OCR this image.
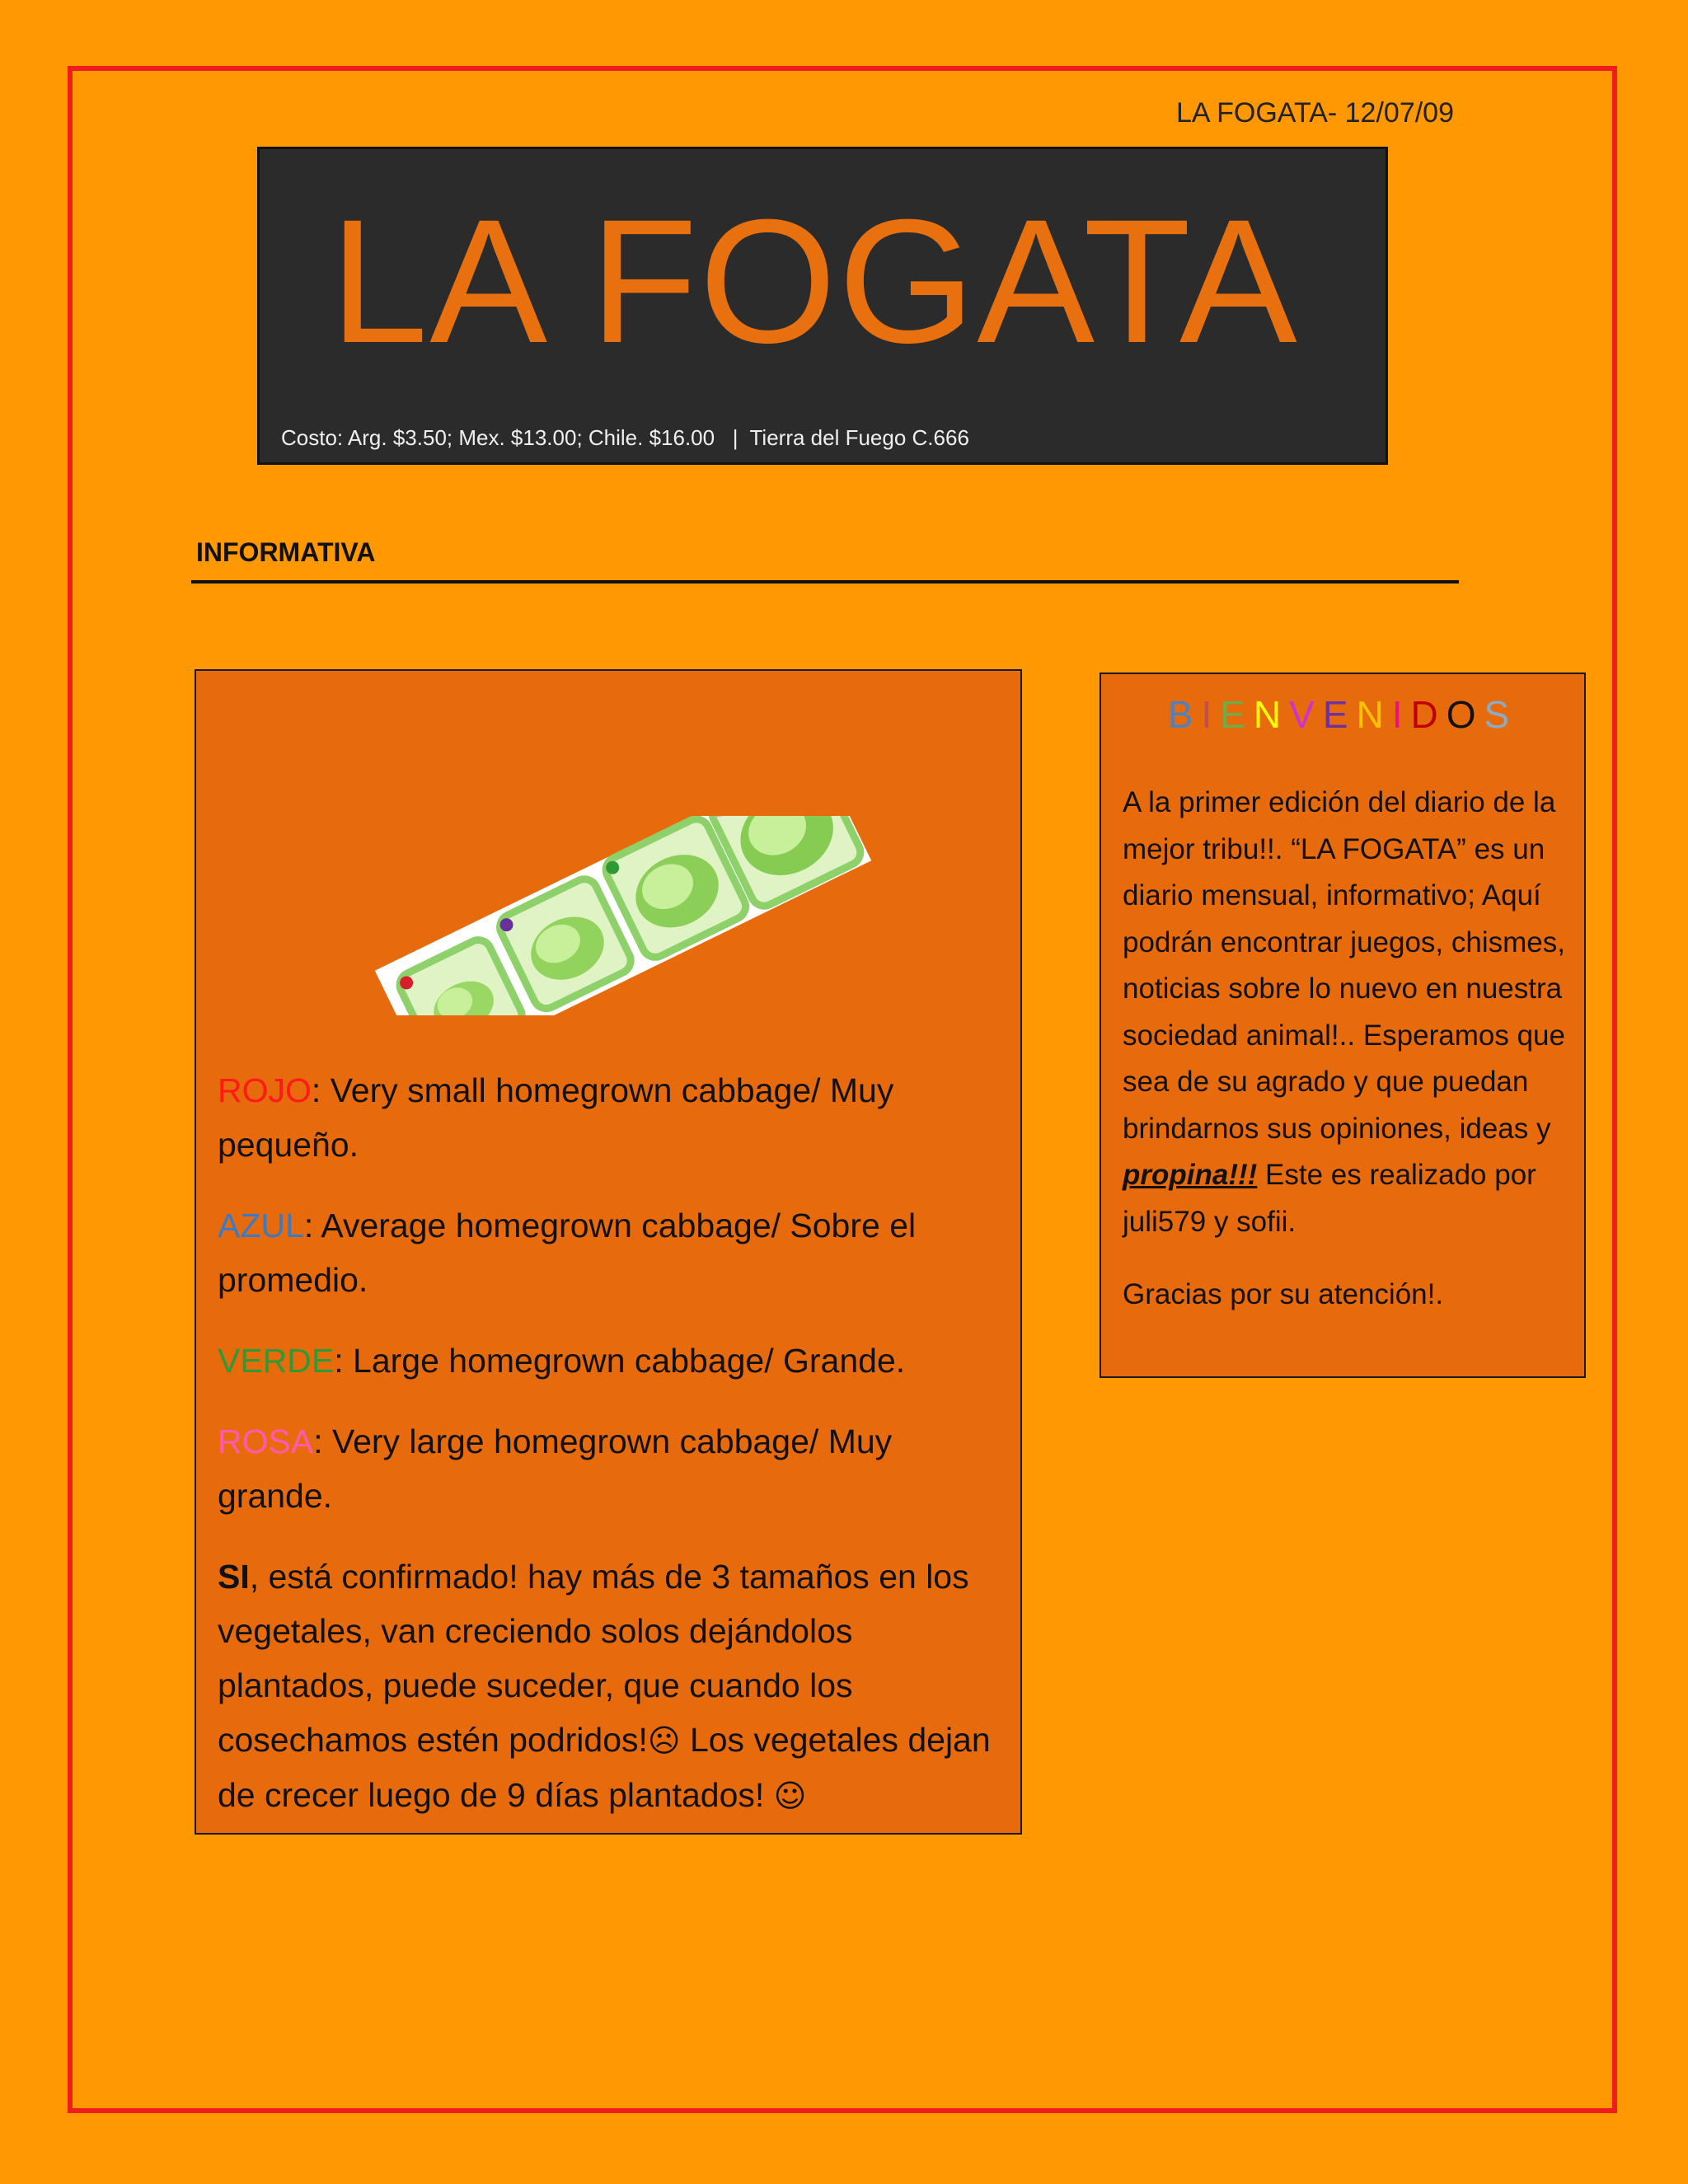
LA FOGATA- 12/07/09
LA FOGATA
Costo: Arg. $3.50; Mex. $13.00; Chile. $16.00   |  Tierra del Fuego C.666
INFORMATIVA

ROJO: Very small homegrown cabbage/ Muy pequeño.

AZUL: Average homegrown cabbage/ Sobre el promedio.

VERDE: Large homegrown cabbage/ Grande.

ROSA: Very large homegrown cabbage/ Muy grande.

SI, está confirmado! hay más de 3 tamaños en los vegetales, van creciendo solos dejándolos plantados, puede suceder, que cuando los cosechamos estén podridos!☹ Los vegetales dejan de crecer luego de 9 días plantados! ☺

BIENVENIDOS

A la primer edición del diario de la mejor tribu!!. “LA FOGATA” es un diario mensual, informativo; Aquí podrán encontrar juegos, chismes, noticias sobre lo nuevo en nuestra sociedad animal!.. Esperamos que sea de su agrado y que puedan brindarnos sus opiniones, ideas y propina!!! Este es realizado por juli579 y sofii.

Gracias por su atención!.
